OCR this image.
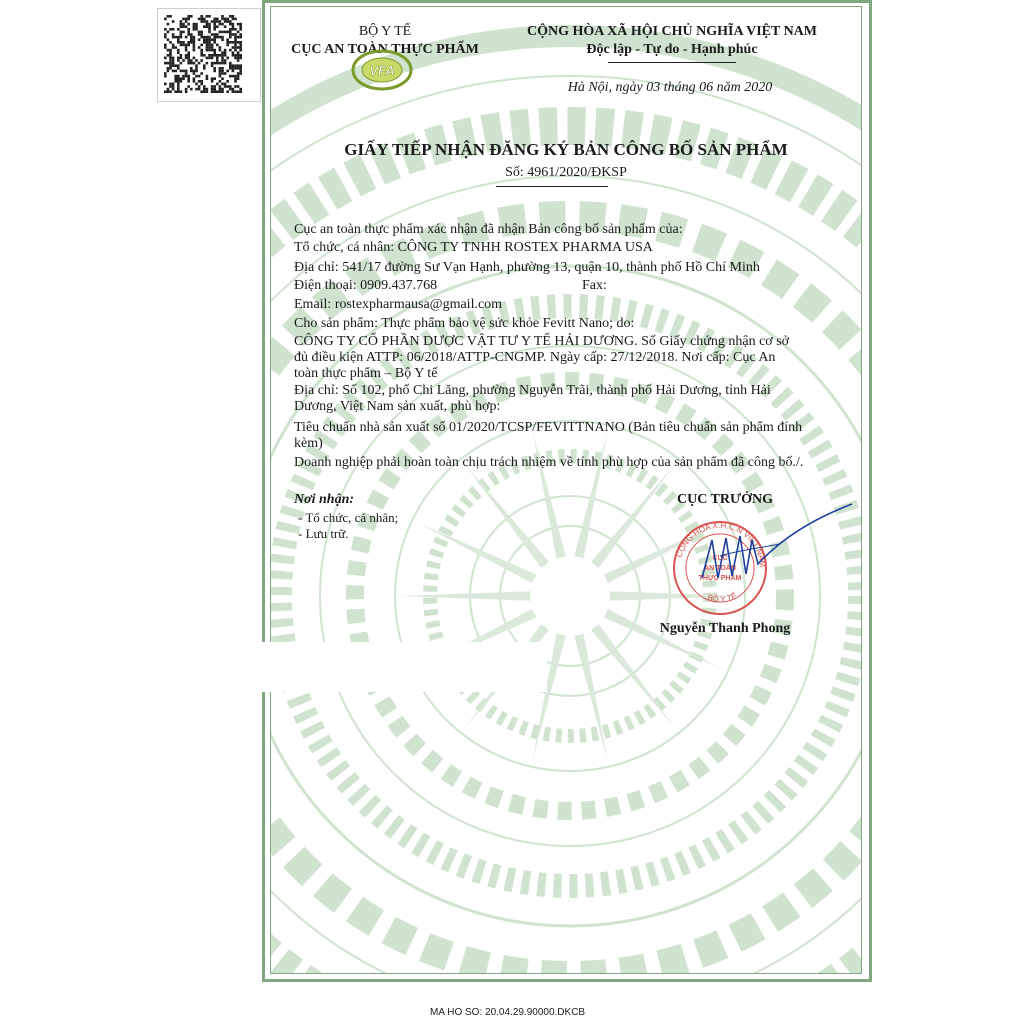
BỘ Y TẾ
CỤC AN TOÀN THỰC PHẨM
VFA
CỘNG HÒA XÃ HỘI CHỦ NGHĨA VIỆT NAM
Độc lập - Tự do - Hạnh phúc
Hà Nội, ngày 03 tháng 06 năm 2020
GIẤY TIẾP NHẬN ĐĂNG KÝ BẢN CÔNG BỐ SẢN PHẨM
Số: 4961/2020/ĐKSP
Cục an toàn thực phẩm xác nhận đã nhận Bản công bố sản phẩm của:
Tổ chức, cá nhân: CÔNG TY TNHH ROSTEX PHARMA USA
Địa chỉ: 541/17 đường Sư Vạn Hạnh, phường 13, quận 10, thành phố Hồ Chí Minh
Điện thoại: 0909.437.768	Fax:
Email: rostexpharmausa@gmail.com
Cho sản phẩm: Thực phẩm bảo vệ sức khỏe Fevitt Nano; do:
CÔNG TY CỔ PHẦN DƯỢC VẬT TƯ Y TẾ HẢI DƯƠNG. Số Giấy chứng nhận cơ sở
đủ điều kiện ATTP: 06/2018/ATTP-CNGMP. Ngày cấp: 27/12/2018. Nơi cấp: Cục An
toàn thực phẩm – Bộ Y tế
Địa chỉ: Số 102, phố Chi Lăng, phường Nguyễn Trãi, thành phố Hải Dương, tỉnh Hải
Dương, Việt Nam sản xuất, phù hợp:
Tiêu chuẩn nhà sản xuất số 01/2020/TCSP/FEVITTNANO (Bản tiêu chuẩn sản phẩm đính
kèm)
Doanh nghiệp phải hoàn toàn chịu trách nhiệm về tính phù hợp của sản phẩm đã công bố./.
Nơi nhận:
- Tổ chức, cá nhân;
- Lưu trữ.
CỤC TRƯỞNG
CỘNG HÒA X.H.C.N VIỆT NAM
BỘ Y TẾ
CỤC
AN TOÀN
THỰC PHẨM
Nguyễn Thanh Phong
MA HO SO: 20.04.29.90000.DKCB
